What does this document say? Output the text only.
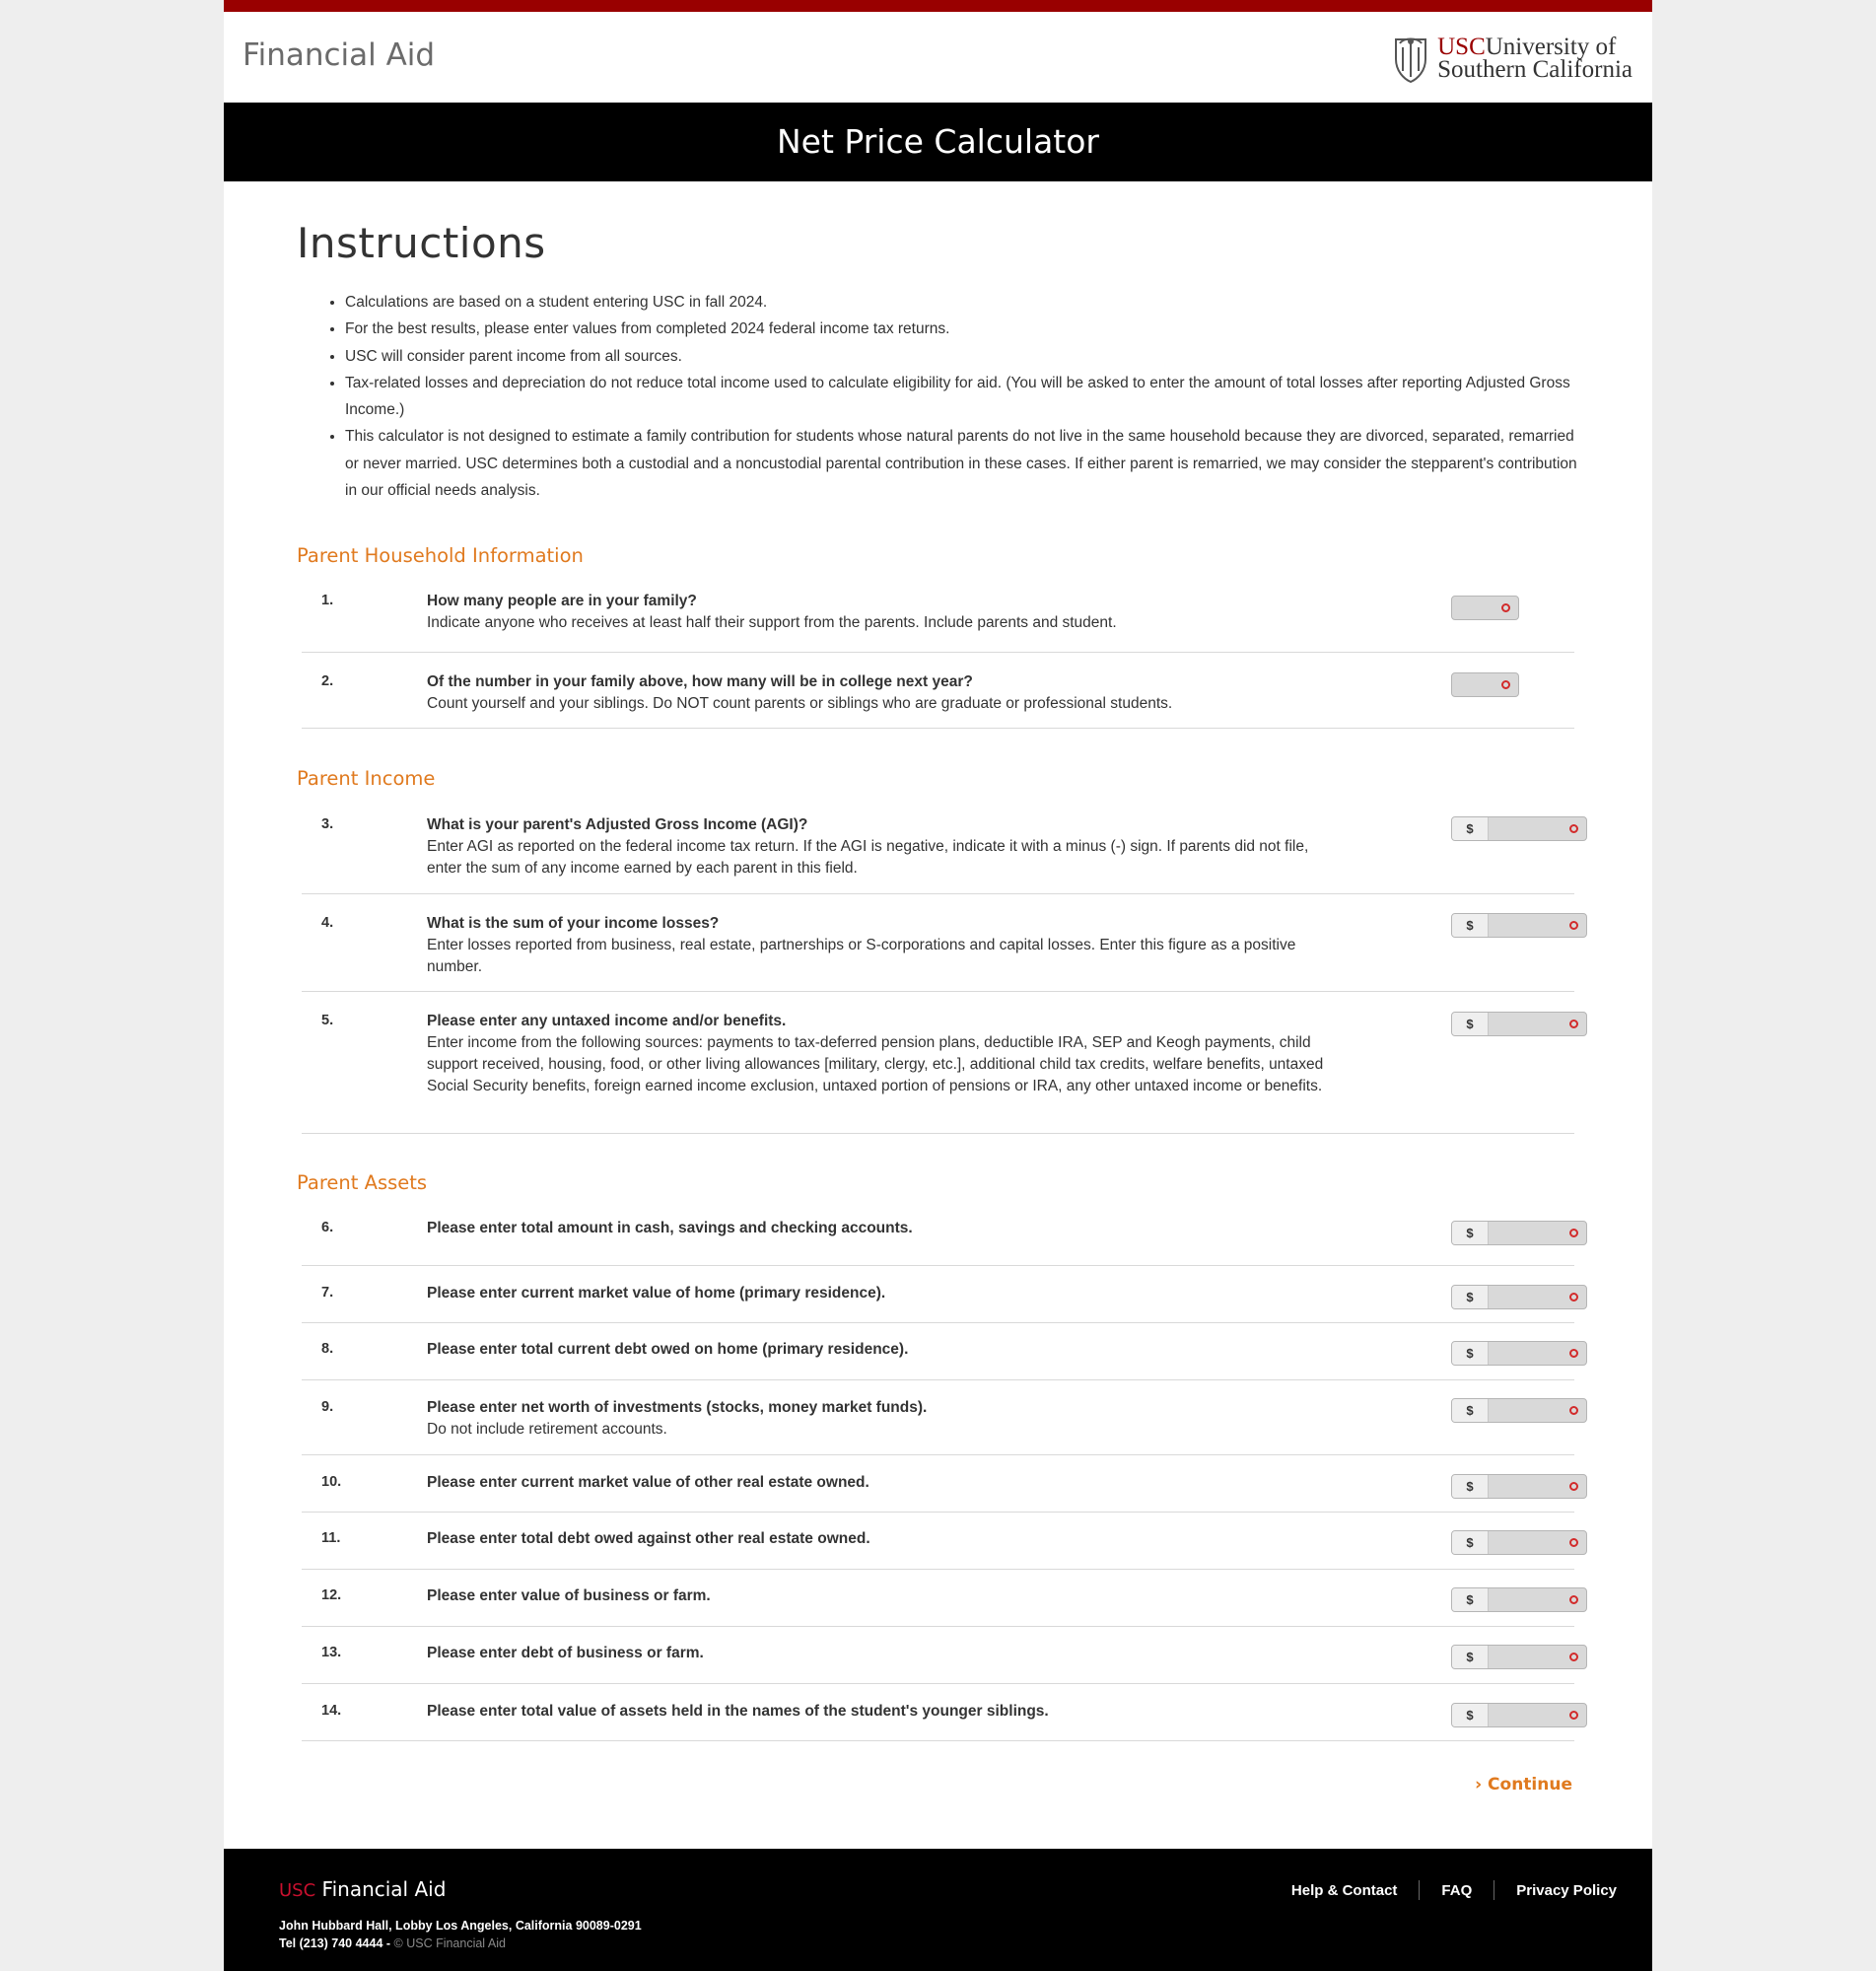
Financial Aid	USCUniversity of
Southern California
Net Price Calculator
Instructions
• Calculations are based on a student entering USC in fall 2024.
• For the best results, please enter values from completed 2024 federal income tax returns.
• USC will consider parent income from all sources.
• Tax-related losses and depreciation do not reduce total income used to calculate eligibility for aid. (You will be asked to enter the amount of total losses after reporting Adjusted Gross Income.)
• This calculator is not designed to estimate a family contribution for students whose natural parents do not live in the same household because they are divorced, separated, remarried or never married. USC determines both a custodial and a noncustodial parental contribution in these cases. If either parent is remarried, we may consider the stepparent's contribution in our official needs analysis.
Parent Household Information
1.	How many people are in your family?
Indicate anyone who receives at least half their support from the parents. Include parents and student.
2.	Of the number in your family above, how many will be in college next year?
Count yourself and your siblings. Do NOT count parents or siblings who are graduate or professional students.
Parent Income
3.	What is your parent's Adjusted Gross Income (AGI)?
Enter AGI as reported on the federal income tax return. If the AGI is negative, indicate it with a minus (-) sign. If parents did not file, enter the sum of any income earned by each parent in this field.
$
4.	What is the sum of your income losses?
Enter losses reported from business, real estate, partnerships or S-corporations and capital losses. Enter this figure as a positive number.
$
5.	Please enter any untaxed income and/or benefits.
Enter income from the following sources: payments to tax-deferred pension plans, deductible IRA, SEP and Keogh payments, child support received, housing, food, or other living allowances [military, clergy, etc.], additional child tax credits, welfare benefits, untaxed Social Security benefits, foreign earned income exclusion, untaxed portion of pensions or IRA, any other untaxed income or benefits.
$
Parent Assets
6.	Please enter total amount in cash, savings and checking accounts.	$
7.	Please enter current market value of home (primary residence).	$
8.	Please enter total current debt owed on home (primary residence).	$
9.	Please enter net worth of investments (stocks, money market funds).
Do not include retirement accounts.
$
10.	Please enter current market value of other real estate owned.	$
11.	Please enter total debt owed against other real estate owned.	$
12.	Please enter value of business or farm.	$
13.	Please enter debt of business or farm.	$
14.	Please enter total value of assets held in the names of the student's younger siblings.	$
› Continue
USC Financial Aid
John Hubbard Hall, Lobby Los Angeles, California 90089-0291
Tel (213) 740 4444 - © USC Financial Aid
Help & Contact	FAQ	Privacy Policy
